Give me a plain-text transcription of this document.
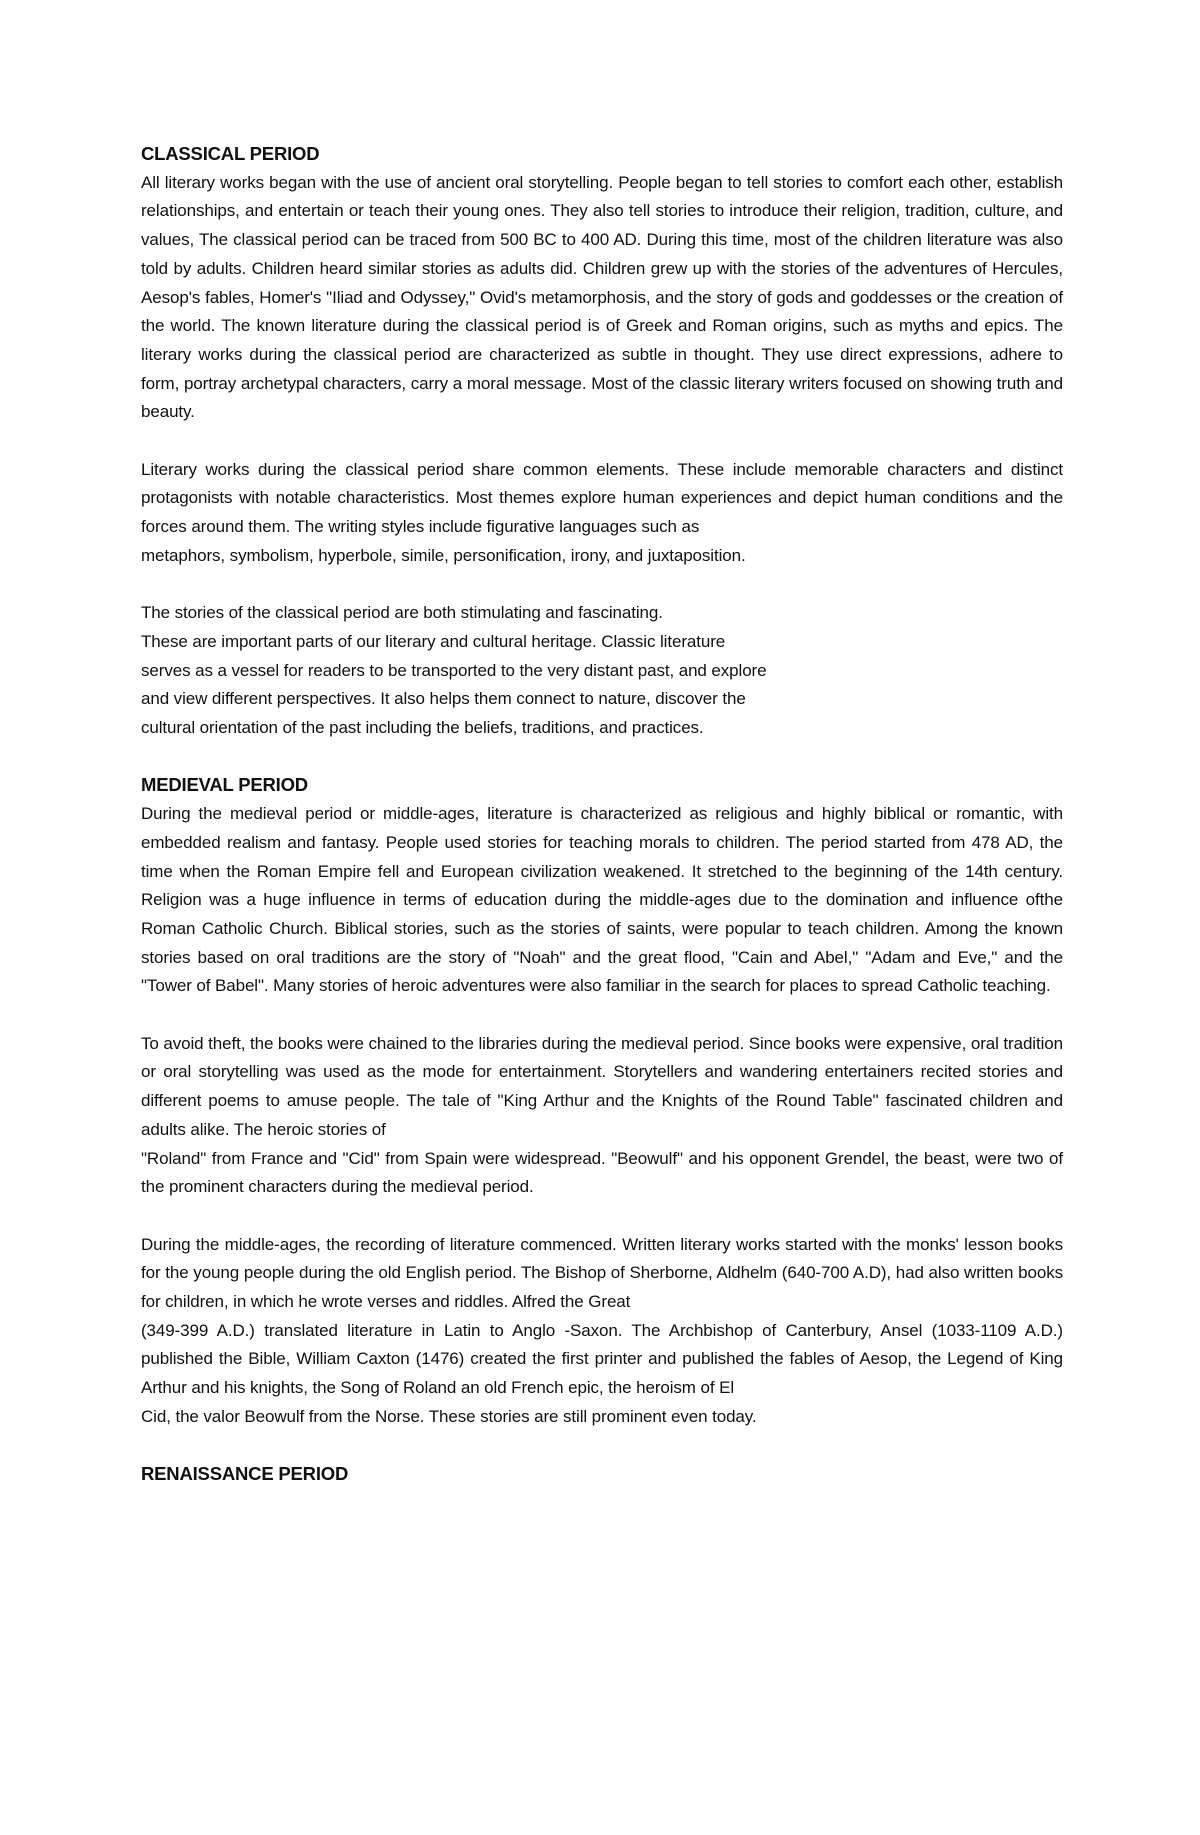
CLASSICAL PERIOD

All literary works began with the use of ancient oral storytelling. People began to tell stories to comfort each other, establish relationships, and entertain or teach their young ones. They also tell stories to introduce their religion, tradition, culture, and values, The classical period can be traced from 500 BC to 400 AD. During this time, most of the children literature was also told by adults. Children heard similar stories as adults did. Children grew up with the stories of the adventures of Hercules, Aesop's fables, Homer's "Iliad and Odyssey," Ovid's metamorphosis, and the story of gods and goddesses or the creation of the world. The known literature during the classical period is of Greek and Roman origins, such as myths and epics. The literary works during the classical period are characterized as subtle in thought. They use direct expressions, adhere to form, portray archetypal characters, carry a moral message. Most of the classic literary writers focused on showing truth and beauty.

Literary works during the classical period share common elements. These include memorable characters and distinct protagonists with notable characteristics. Most themes explore human experiences and depict human conditions and the forces around them. The writing styles include figurative languages such as

metaphors, symbolism, hyperbole, simile, personification, irony, and juxtaposition.

The stories of the classical period are both stimulating and fascinating.
These are important parts of our literary and cultural heritage. Classic literature
serves as a vessel for readers to be transported to the very distant past, and explore
and view different perspectives. It also helps them connect to nature, discover the
cultural orientation of the past including the beliefs, traditions, and practices.
MEDIEVAL PERIOD

During the medieval period or middle-ages, literature is characterized as religious and highly biblical or romantic, with embedded realism and fantasy. People used stories for teaching morals to children. The period started from 478 AD, the time when the Roman Empire fell and European civilization weakened. It stretched to the beginning of the 14th century. Religion was a huge influence in terms of education during the middle-ages due to the domination and influence ofthe Roman Catholic Church. Biblical stories, such as the stories of saints, were popular to teach children. Among the known stories based on oral traditions are the story of "Noah" and the great flood, "Cain and Abel," "Adam and Eve," and the "Tower of Babel". Many stories of heroic adventures were also familiar in the search for places to spread Catholic teaching.

To avoid theft, the books were chained to the libraries during the medieval period. Since books were expensive, oral tradition or oral storytelling was used as the mode for entertainment. Storytellers and wandering entertainers recited stories and different poems to amuse people. The tale of "King Arthur and the Knights of the Round Table" fascinated children and adults alike. The heroic stories of

"Roland" from France and "Cid" from Spain were widespread. "Beowulf" and his opponent Grendel, the beast, were two of the prominent characters during the medieval period.

During the middle-ages, the recording of literature commenced. Written literary works started with the monks' lesson books for the young people during the old English period. The Bishop of Sherborne, Aldhelm (640-700 A.D), had also written books for children, in which he wrote verses and riddles. Alfred the Great

(349-399 A.D.) translated literature in Latin to Anglo -Saxon. The Archbishop of Canterbury, Ansel (1033-1109 A.D.) published the Bible, William Caxton (1476) created the first printer and published the fables of Aesop, the Legend of King Arthur and his knights, the Song of Roland an old French epic, the heroism of El

Cid, the valor Beowulf from the Norse. These stories are still prominent even today.

RENAISSANCE PERIOD
